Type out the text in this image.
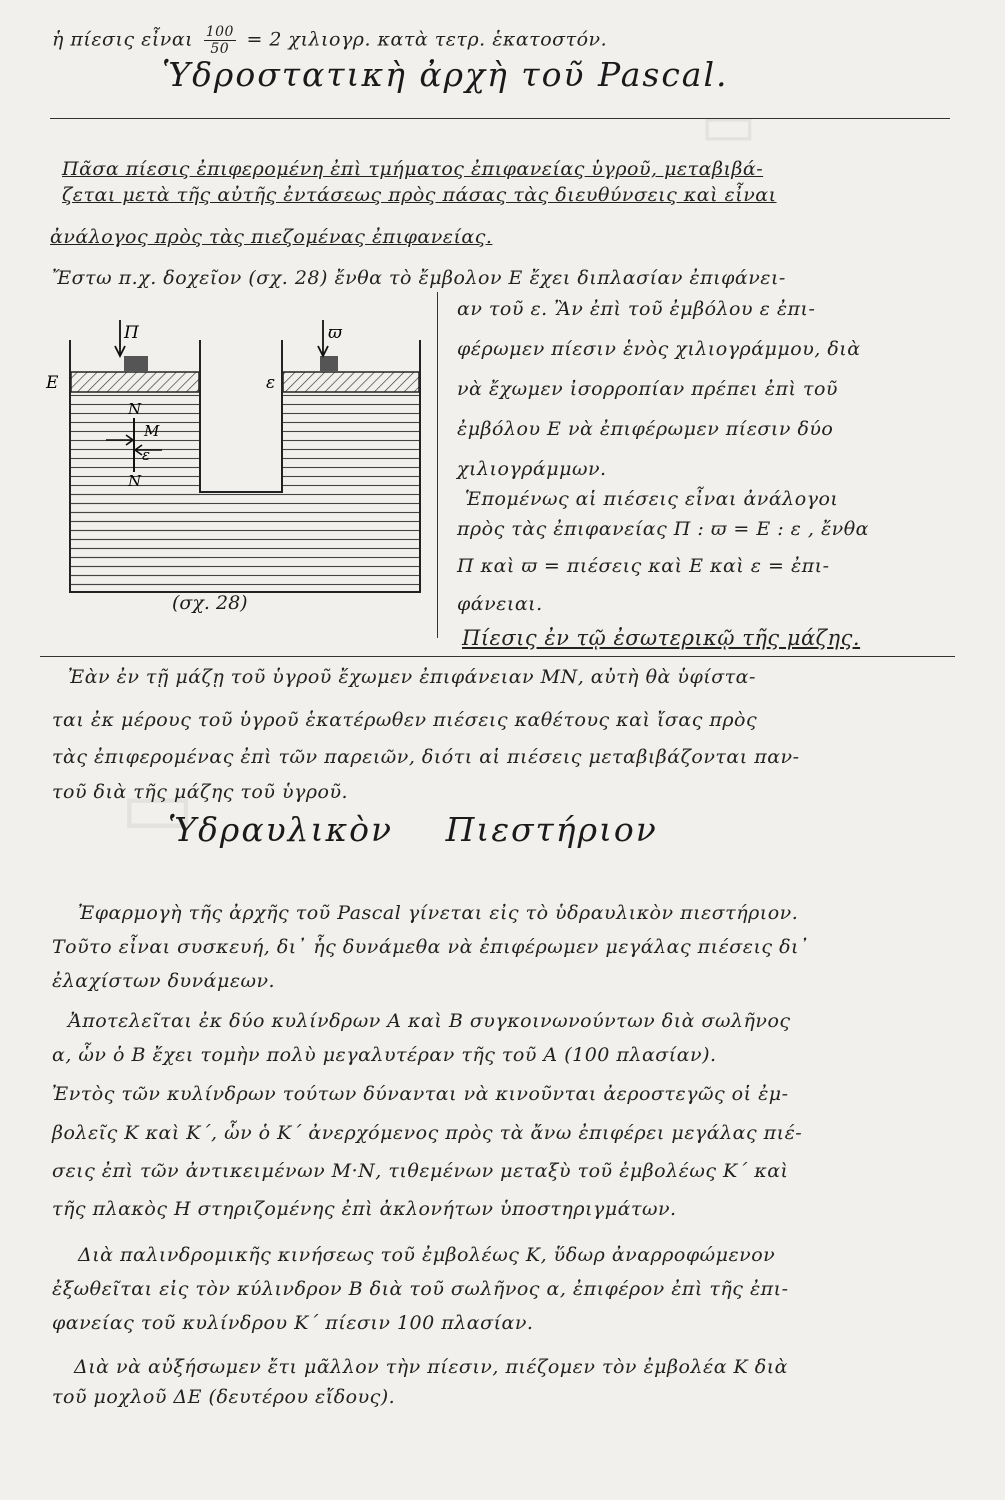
▭
▭
ἡ πίεσις εἶναι $\frac{100}{50} = 2$ χιλιογρ. κατὰ τετρ. ἑκατοστόν.
Ὑδροστατικὴ ἀρχὴ τοῦ Pascal.
Πᾶσα πίεσις ἐπιφερομένη ἐπὶ τμήματος ἐπιφανείας ὑγροῦ, μεταβιβά-
ζεται μετὰ τῆς αὐτῆς ἐντάσεως πρὸς πάσας τὰς διευθύνσεις καὶ εἶναι
ἀνάλογος πρὸς τὰς πιεζομένας ἐπιφανείας.
Ἔστω π.χ. δοχεῖον (σχ. 28) ἔνθα τὸ ἔμβολον Ε ἔχει διπλασίαν ἐπιφάνει-
Π	ϖ
Ε	ε
Ν
Μ
ε
Ν
(σχ. 28)
αν τοῦ ε. Ἂν ἐπὶ τοῦ ἐμβόλου ε ἐπι-
φέρωμεν πίεσιν ἑνὸς χιλιογράμμου, διὰ
νὰ ἔχωμεν ἰσορροπίαν πρέπει ἐπὶ τοῦ
ἐμβόλου Ε νὰ ἐπιφέρωμεν πίεσιν δύο
χιλιογράμμων.
Ἑπομένως αἱ πιέσεις εἶναι ἀνάλογοι
πρὸς τὰς ἐπιφανείας Π : ϖ = Ε : ε , ἔνθα
Π καὶ ϖ = πιέσεις καὶ Ε καὶ ε = ἐπι-
φάνειαι.
Πίεσις ἐν τῷ ἐσωτερικῷ τῆς μάζης.
Ἐὰν ἐν τῇ μάζῃ τοῦ ὑγροῦ ἔχωμεν ἐπιφάνειαν ΜΝ, αὐτὴ θὰ ὑφίστα-
ται ἐκ μέρους τοῦ ὑγροῦ ἑκατέρωθεν πιέσεις καθέτους καὶ ἴσας πρὸς
τὰς ἐπιφερομένας ἐπὶ τῶν παρειῶν, διότι αἱ πιέσεις μεταβιβάζονται παν-
τοῦ διὰ τῆς μάζης τοῦ ὑγροῦ.
Ὑδραυλικὸν Πιεστήριον
Ἐφαρμογὴ τῆς ἀρχῆς τοῦ Pascal γίνεται εἰς τὸ ὑδραυλικὸν πιεστήριον.
Τοῦτο εἶναι συσκευή, δι᾽ ἧς δυνάμεθα νὰ ἐπιφέρωμεν μεγάλας πιέσεις δι᾽
ἐλαχίστων δυνάμεων.
Ἀποτελεῖται ἐκ δύο κυλίνδρων Α καὶ Β συγκοινωνούντων διὰ σωλῆνος
α, ὧν ὁ Β ἔχει τομὴν πολὺ μεγαλυτέραν τῆς τοῦ Α (100 πλασίαν).
Ἐντὸς τῶν κυλίνδρων τούτων δύνανται νὰ κινοῦνται ἀεροστεγῶς οἱ ἐμ-
βολεῖς Κ καὶ Κ΄, ὧν ὁ Κ΄ ἀνερχόμενος πρὸς τὰ ἄνω ἐπιφέρει μεγάλας πιέ-
σεις ἐπὶ τῶν ἀντικειμένων Μ·Ν, τιθεμένων μεταξὺ τοῦ ἐμβολέως Κ΄ καὶ
τῆς πλακὸς Η στηριζομένης ἐπὶ ἀκλονήτων ὑποστηριγμάτων.
Διὰ παλινδρομικῆς κινήσεως τοῦ ἐμβολέως Κ, ὕδωρ ἀναρροφώμενον
ἐξωθεῖται εἰς τὸν κύλινδρον Β διὰ τοῦ σωλῆνος α, ἐπιφέρον ἐπὶ τῆς ἐπι-
φανείας τοῦ κυλίνδρου Κ΄ πίεσιν 100 πλασίαν.
Διὰ νὰ αὐξήσωμεν ἔτι μᾶλλον τὴν πίεσιν, πιέζομεν τὸν ἐμβολέα Κ διὰ
τοῦ μοχλοῦ ΔΕ (δευτέρου εἴδους).
